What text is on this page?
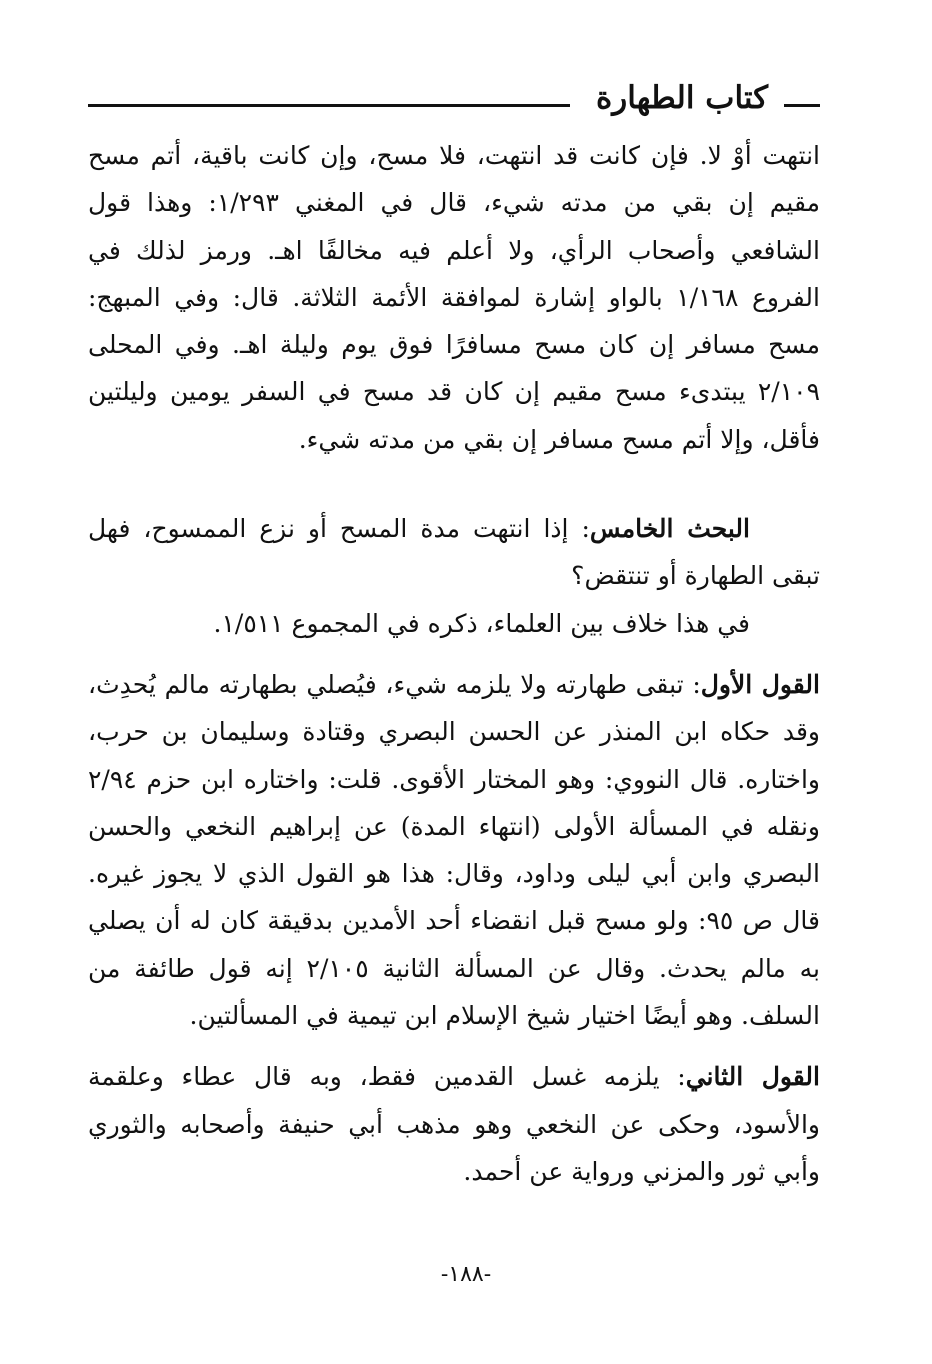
كتاب الطهارة

انتهت أوْ لا. فإن كانت قد انتهت، فلا مسح، وإن كانت باقية، أتم مسح مقيم إن بقي من مدته شيء، قال في المغني ١/٢٩٣: وهذا قول الشافعي وأصحاب الرأي، ولا أعلم فيه مخالفًا اهـ. ورمز لذلك في الفروع ١/١٦٨ بالواو إشارة لموافقة الأئمة الثلاثة. قال: وفي المبهج: مسح مسافر إن كان مسح مسافرًا فوق يوم وليلة اهـ. وفي المحلى ٢/١٠٩ يبتدىء مسح مقيم إن كان قد مسح في السفر يومين وليلتين فأقل، وإلا أتم مسح مسافر إن بقي من مدته شيء.

البحث الخامس: إذا انتهت مدة المسح أو نزع الممسوح، فهل تبقى الطهارة أو تنتقض؟

في هذا خلاف بين العلماء، ذكره في المجموع ١/٥١١.

القول الأول: تبقى طهارته ولا يلزمه شيء، فيُصلي بطهارته مالم يُحدِث، وقد حكاه ابن المنذر عن الحسن البصري وقتادة وسليمان بن حرب، واختاره. قال النووي: وهو المختار الأقوى. قلت: واختاره ابن حزم ٢/٩٤ ونقله في المسألة الأولى (انتهاء المدة) عن إبراهيم النخعي والحسن البصري وابن أبي ليلى وداود، وقال: هذا هو القول الذي لا يجوز غيره. قال ص ٩٥: ولو مسح قبل انقضاء أحد الأمدين بدقيقة كان له أن يصلي به مالم يحدث. وقال عن المسألة الثانية ٢/١٠٥ إنه قول طائفة من السلف. وهو أيضًا اختيار شيخ الإسلام ابن تيمية في المسألتين.

القول الثاني: يلزمه غسل القدمين فقط، وبه قال عطاء وعلقمة والأسود، وحكى عن النخعي وهو مذهب أبي حنيفة وأصحابه والثوري وأبي ثور والمزني ورواية عن أحمد.

-١٨٨-
